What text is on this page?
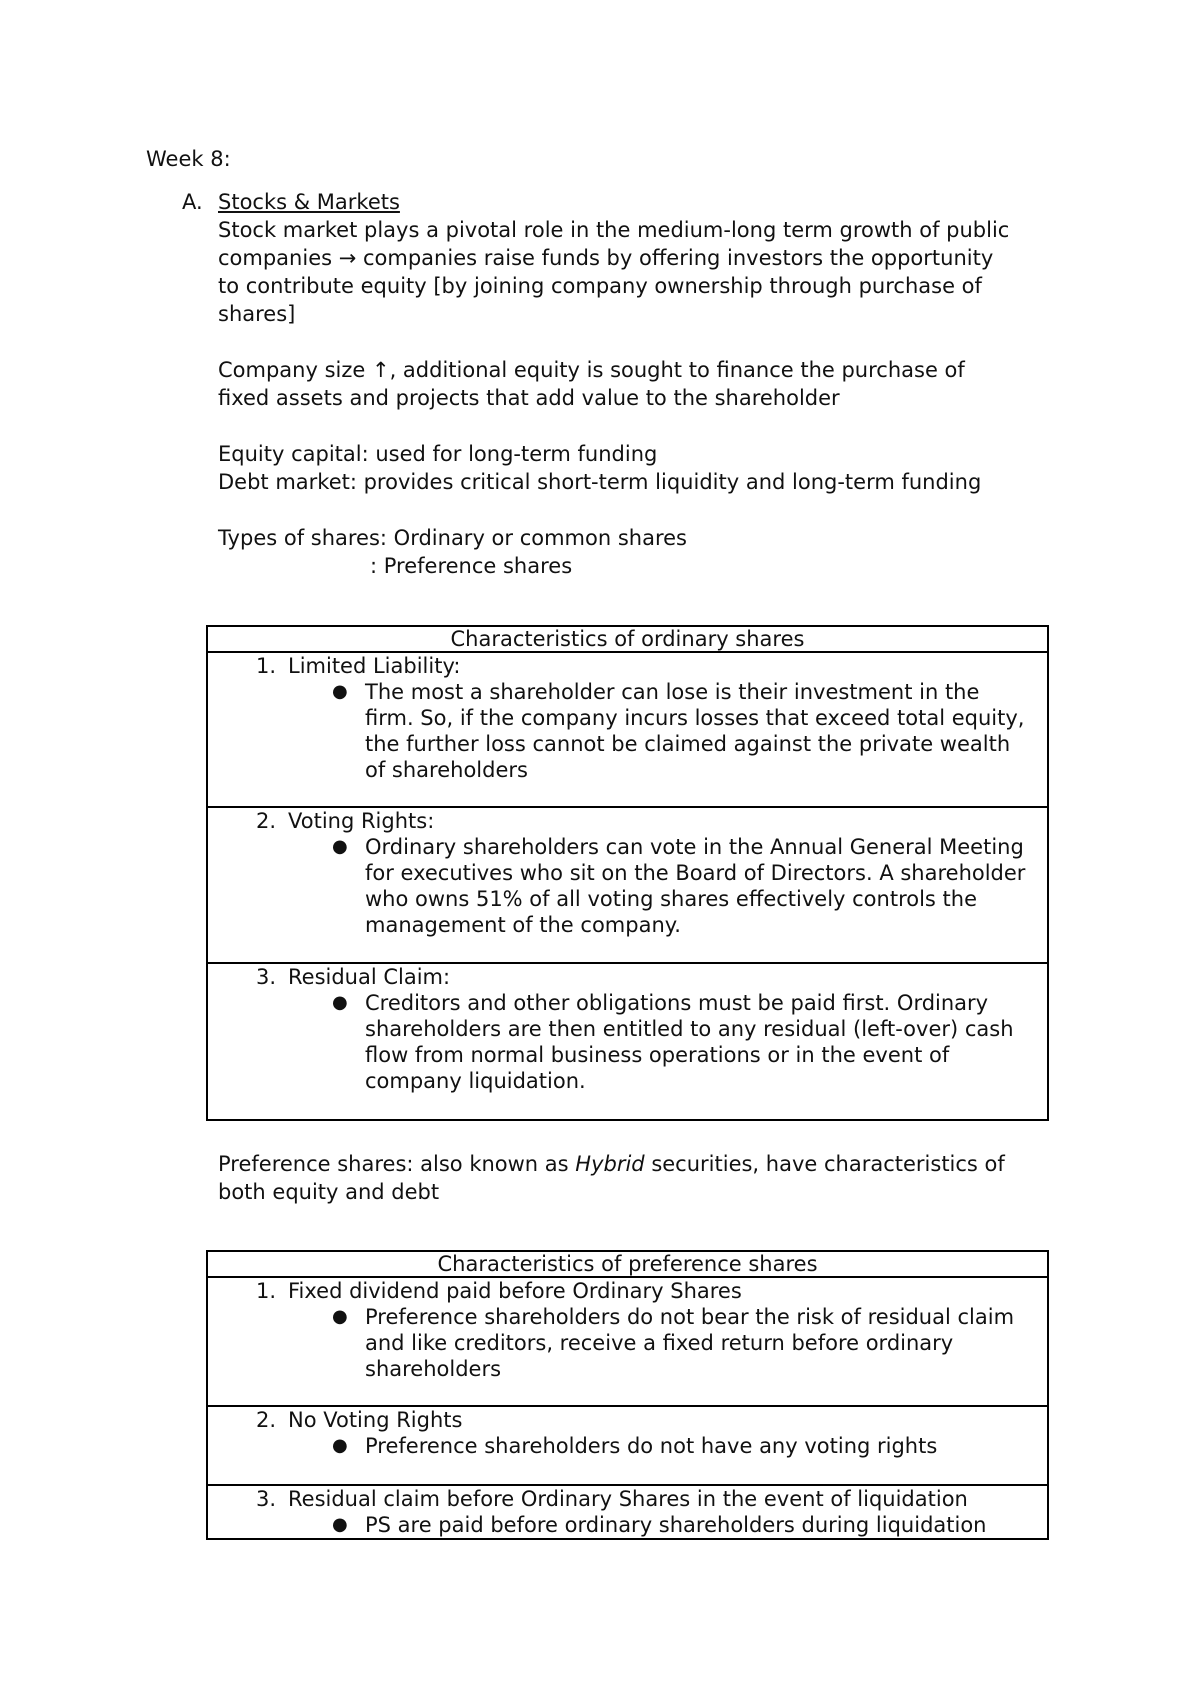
Week 8:

A. Stocks & Markets

Stock market plays a pivotal role in the medium-long term growth of public

companies → companies raise funds by offering investors the opportunity

to contribute equity [by joining company ownership through purchase of

shares]

Company size ↑, additional equity is sought to finance the purchase of

fixed assets and projects that add value to the shareholder

Equity capital: used for long-term funding

Debt market: provides critical short-term liquidity and long-term funding

Types of shares: Ordinary or common shares

: Preference shares

Characteristics of ordinary shares

1. Limited Liability:
● The most a shareholder can lose is their investment in the firm. So, if the company incurs losses that exceed total equity, the further loss cannot be claimed against the private wealth of shareholders

2. Voting Rights:
● Ordinary shareholders can vote in the Annual General Meeting for executives who sit on the Board of Directors. A shareholder who owns 51% of all voting shares effectively controls the management of the company.

3. Residual Claim:
● Creditors and other obligations must be paid first. Ordinary shareholders are then entitled to any residual (left-over) cash flow from normal business operations or in the event of company liquidation.

Preference shares: also known as Hybrid securities, have characteristics of

both equity and debt

Characteristics of preference shares

1. Fixed dividend paid before Ordinary Shares
● Preference shareholders do not bear the risk of residual claim and like creditors, receive a fixed return before ordinary shareholders

2. No Voting Rights
● Preference shareholders do not have any voting rights

3. Residual claim before Ordinary Shares in the event of liquidation
● PS are paid before ordinary shareholders during liquidation
